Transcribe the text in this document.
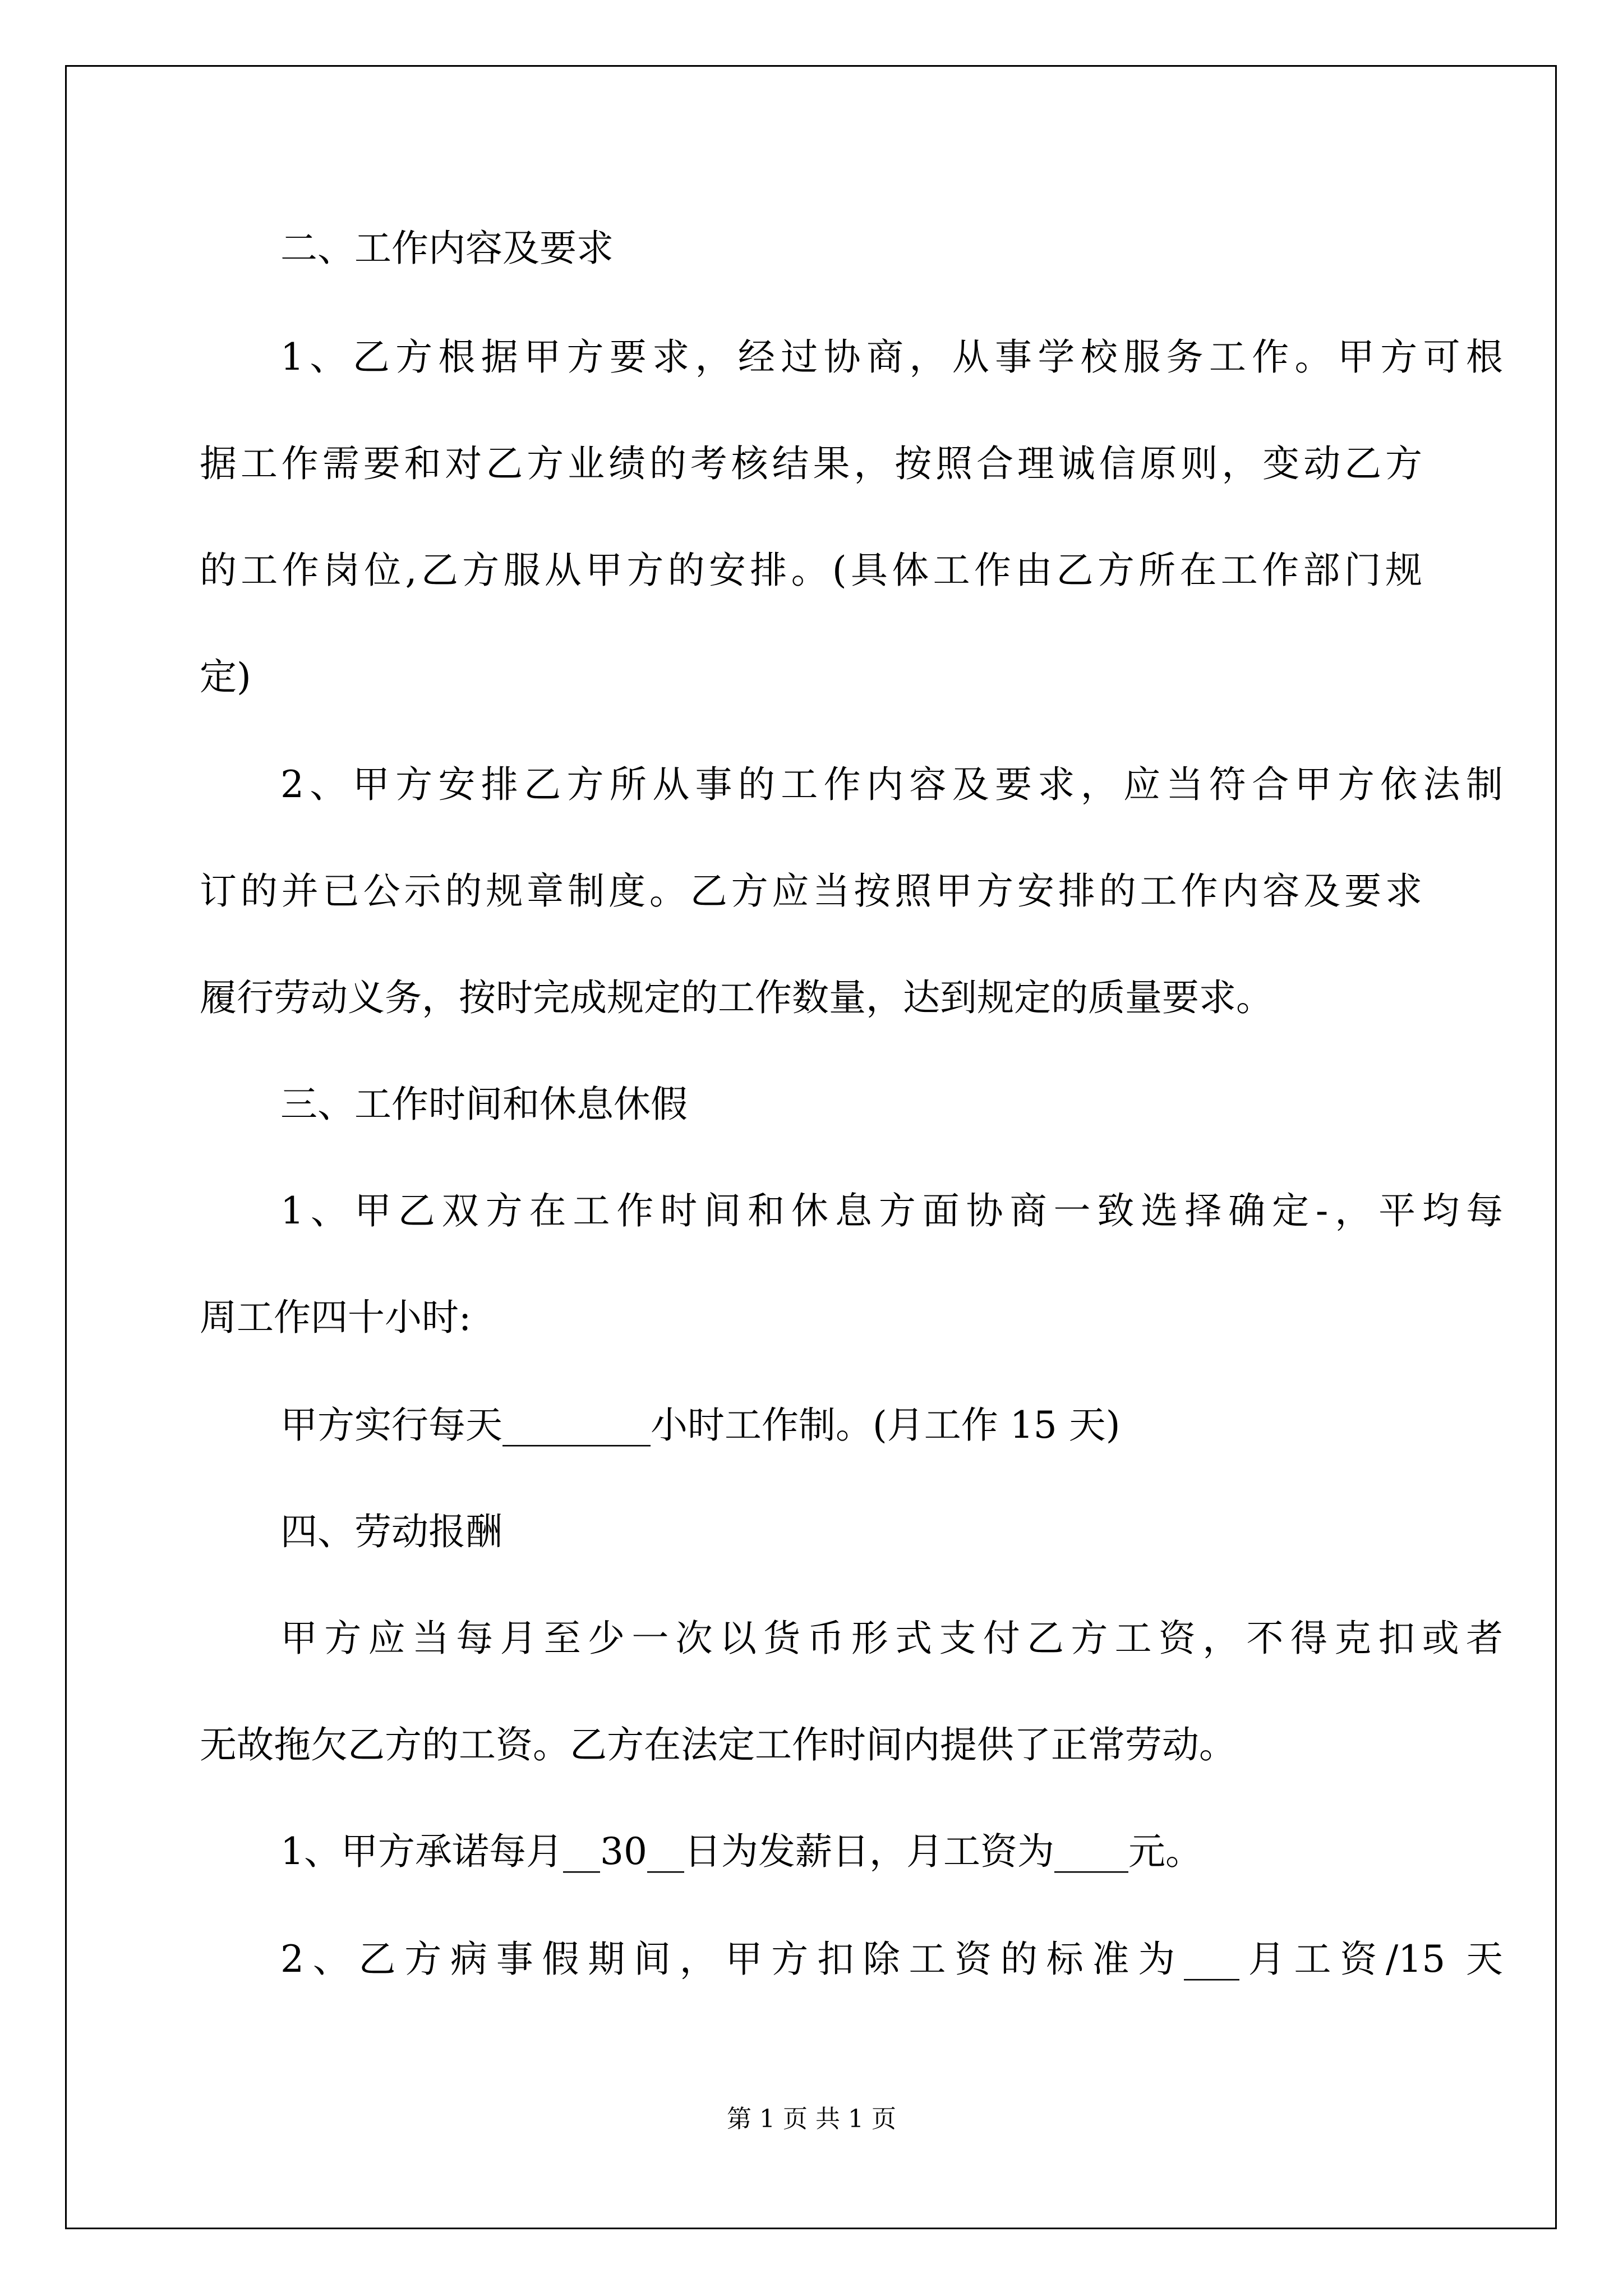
二、工作内容及要求
1、乙方根据甲方要求，经过协商，从事学校服务工作。甲方可根
据工作需要和对乙方业绩的考核结果，按照合理诚信原则，变动乙方
的工作岗位,乙方服从甲方的安排。(具体工作由乙方所在工作部门规
定)
2、甲方安排乙方所从事的工作内容及要求，应当符合甲方依法制
订的并已公示的规章制度。乙方应当按照甲方安排的工作内容及要求
履行劳动义务，按时完成规定的工作数量，达到规定的质量要求。
三、工作时间和休息休假
1、甲乙双方在工作时间和休息方面协商一致选择确定-，平均每
周工作四十小时:
甲方实行每天________小时工作制。(月工作 15 天)
四、劳动报酬
甲方应当每月至少一次以货币形式支付乙方工资，不得克扣或者
无故拖欠乙方的工资。乙方在法定工作时间内提供了正常劳动。
1、甲方承诺每月__30__日为发薪日，月工资为____元。
2、乙方病事假期间，甲方扣除工资的标准为___月工资/15 天
第 1 页 共 1 页
